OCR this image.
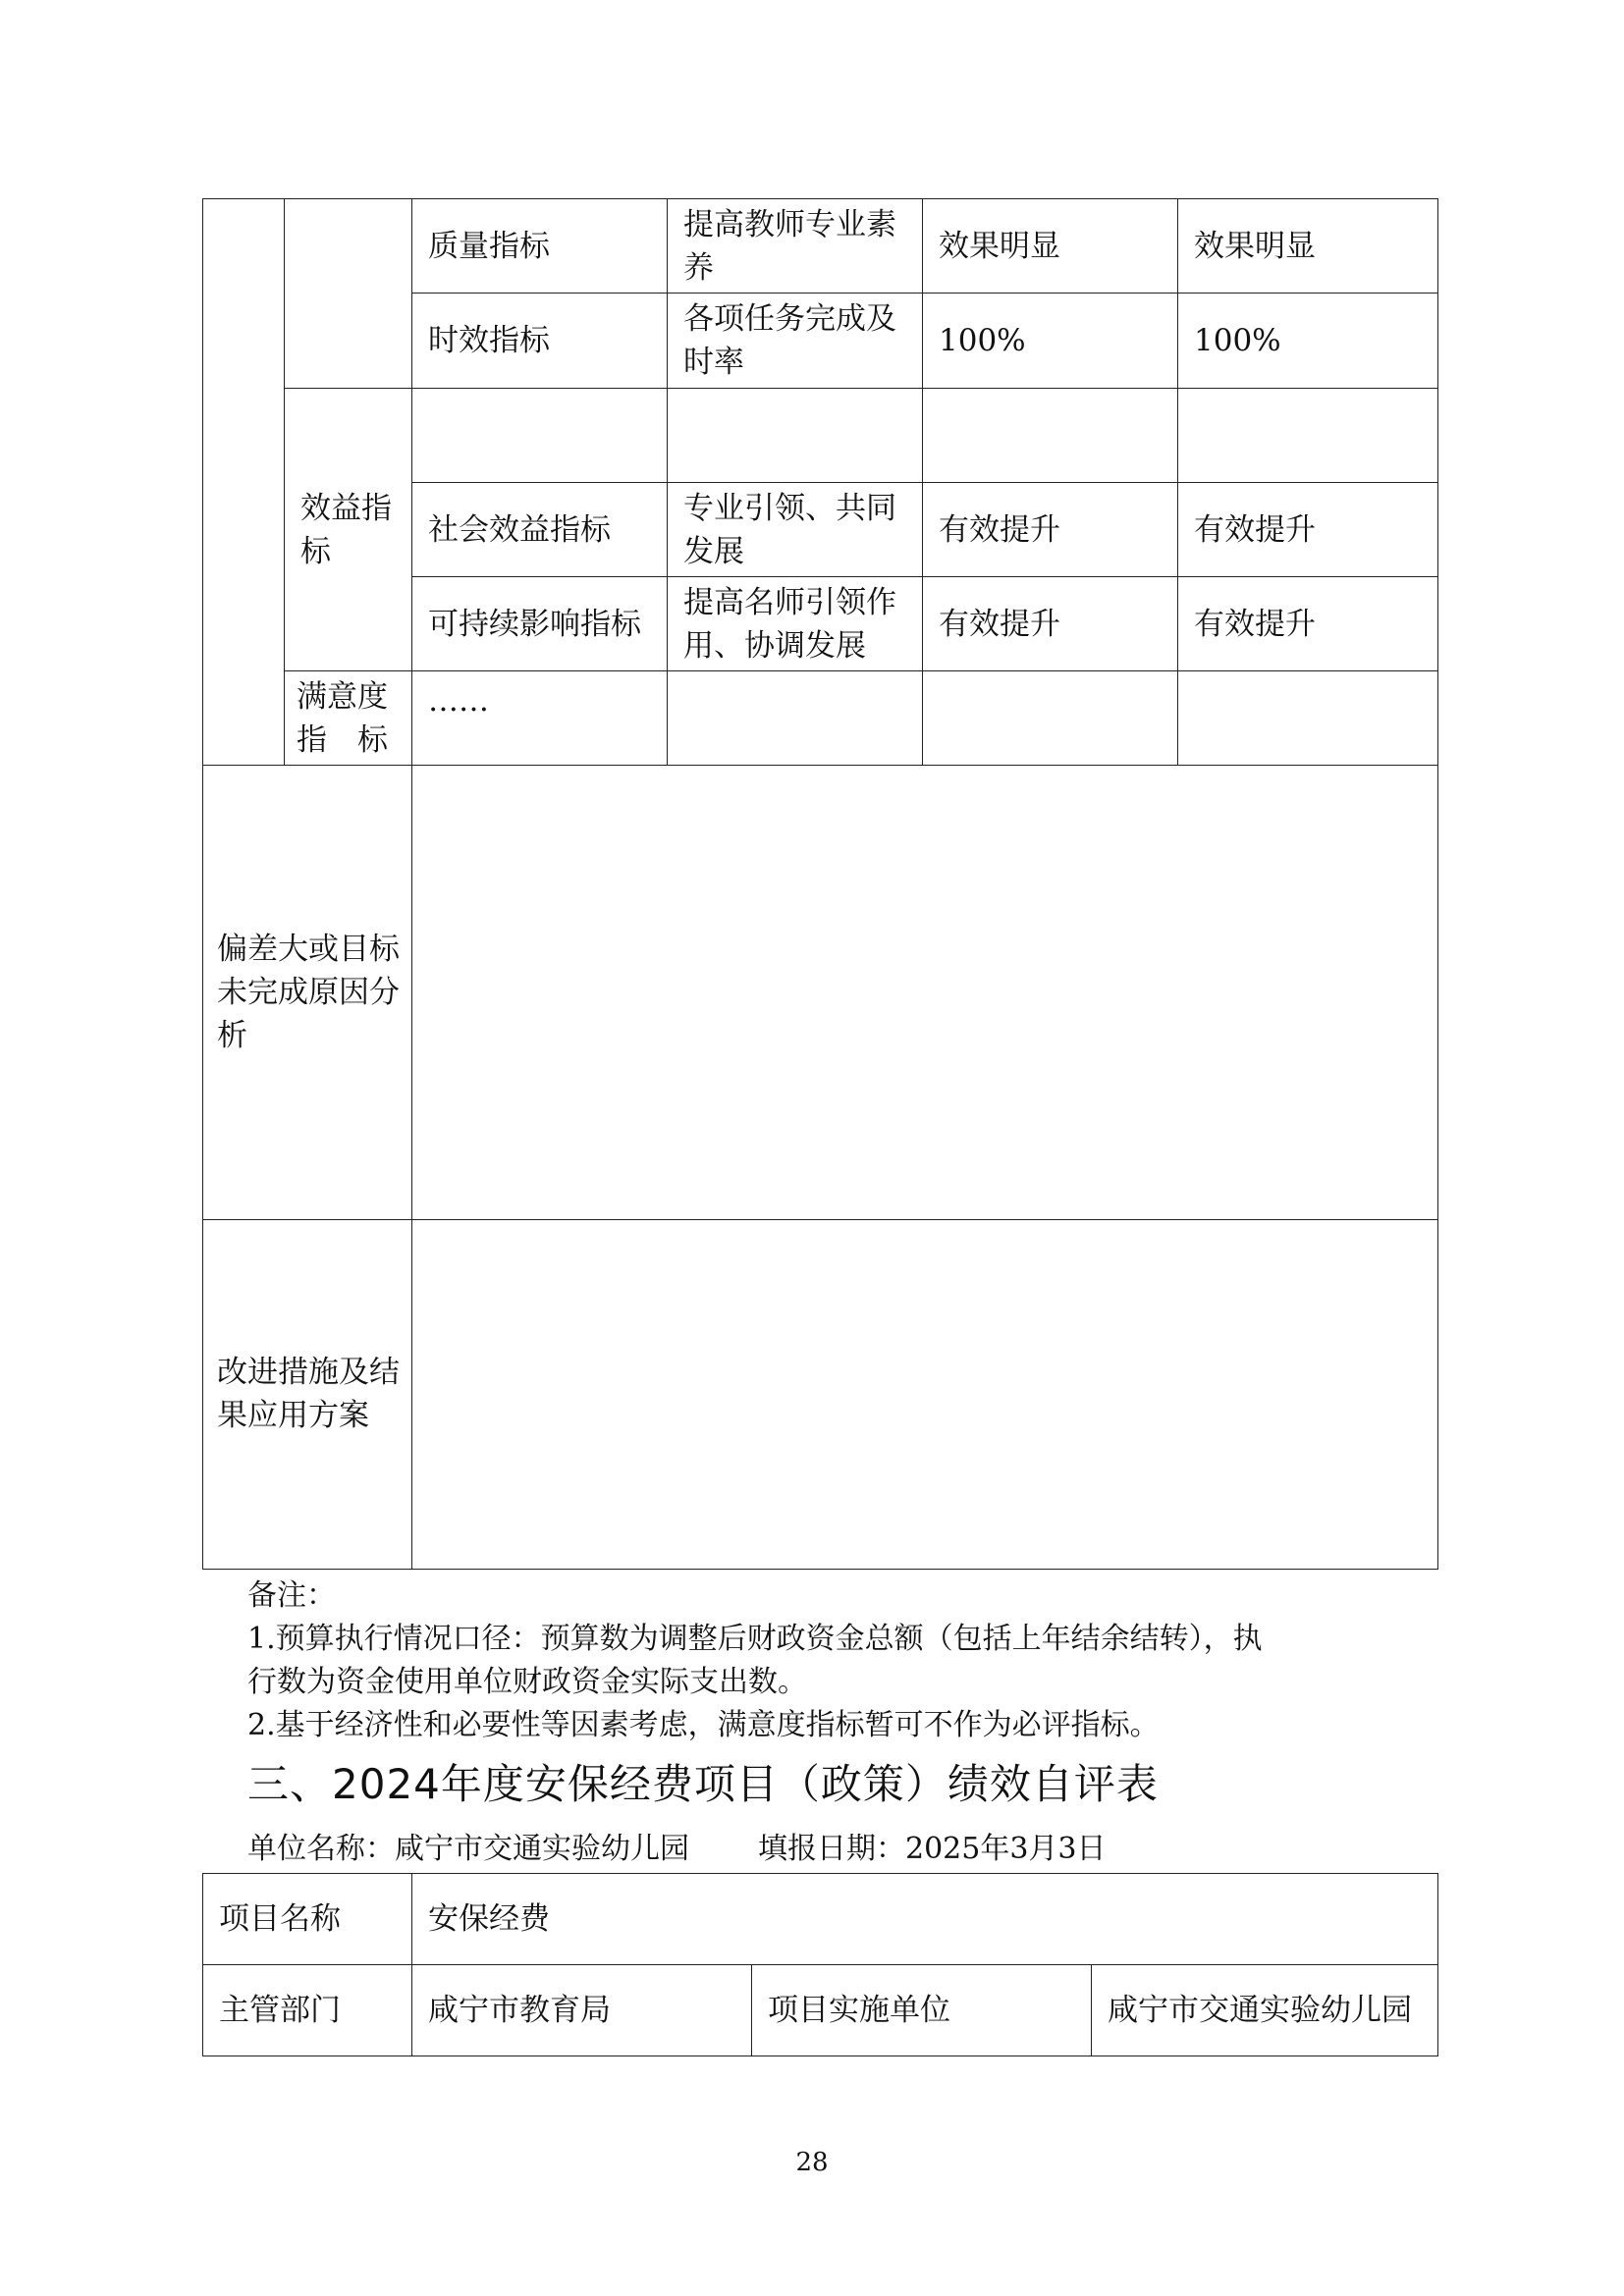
		质量指标	提高教师专业素养	效果明显	效果明显
		时效指标	各项任务完成及时率	100%	100%
	效益指标				
		社会效益指标	专业引领、共同发展	有效提升	有效提升
		可持续影响指标	提高名师引领作用、协调发展	有效提升	有效提升
	满意度指　标	……			
偏差大或目标未完成原因分析					
改进措施及结果应用方案					
备注：
1.预算执行情况口径：预算数为调整后财政资金总额（包括上年结余结转），执
行数为资金使用单位财政资金实际支出数。
2.基于经济性和必要性等因素考虑，满意度指标暂可不作为必评指标。
三、2024年度安保经费项目（政策）绩效自评表
单位名称：咸宁市交通实验幼儿园 填报日期：2025年3月3日
项目名称	安保经费		
主管部门	咸宁市教育局	项目实施单位	咸宁市交通实验幼儿园
28
